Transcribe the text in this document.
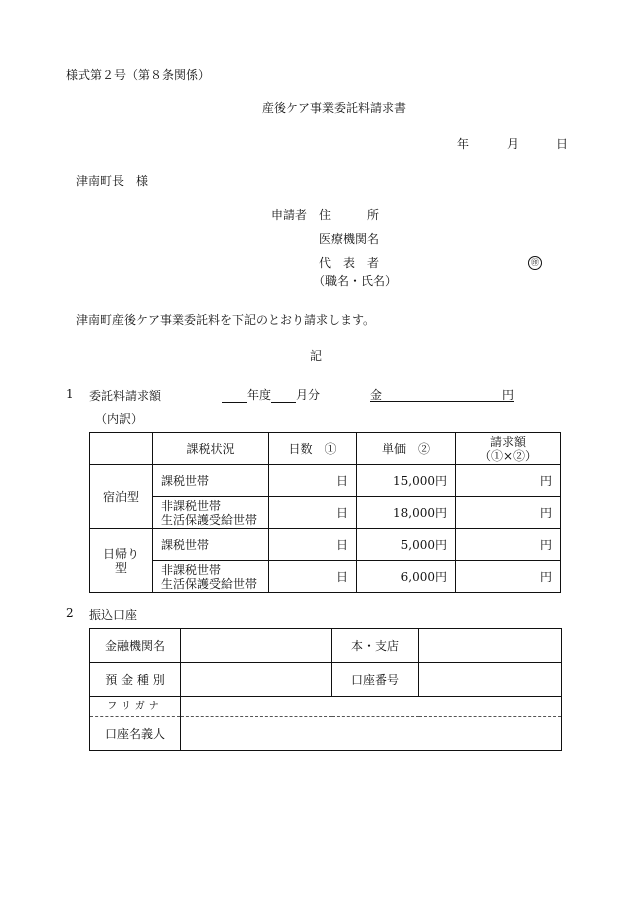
様式第２号（第８条関係）
産後ケア事業委託料請求書
年	月	日
津南町長　様
申請者 住　　　所
医療機関名
代　表　者	㊞
（職名・氏名）
津南町産後ケア事業委託料を下記のとおり請求します。
記
1 委託料請求額	年度 月分	金	円
（内訳）
	課税状況	日数　①	単価　②	請求額（①×②）
宿泊型	課税世帯	日	15,000円	円

	非課税世帯
生活保護受給世帯	日	18,000円	円
日帰り型	課税世帯	日	5,000円	円

	非課税世帯
生活保護受給世帯	日	6,000円	円
2 振込口座
金融機関名		本・支店	
預 金 種 別		口座番号	
フリガナ			
口座名義人			
